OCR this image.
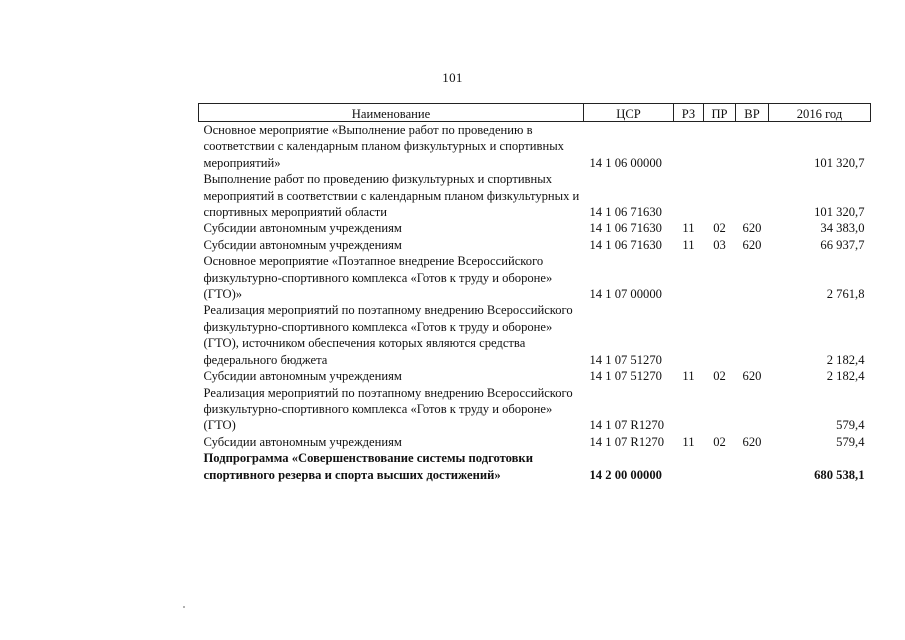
101
Наименование	ЦСР	РЗ	ПР	ВР	2016 год
Основное мероприятие «Выполнение работ по проведению в соответствии с календарным планом физкультурных и спортивных мероприятий»	14 1 06 00000				101 320,7
Выполнение работ по проведению физкультурных и спортивных мероприятий в соответствии с календарным планом физкультурных и спортивных мероприятий области	14 1 06 71630				101 320,7
Субсидии автономным учреждениям	14 1 06 71630	11	02	620	34 383,0
Субсидии автономным учреждениям	14 1 06 71630	11	03	620	66 937,7
Основное мероприятие «Поэтапное внедрение Всероссийского физкультурно-спортивного комплекса «Готов к труду и обороне» (ГТО)»	14 1 07 00000				2 761,8
Реализация мероприятий по поэтапному внедрению Всероссийского физкультурно-спортивного комплекса «Готов к труду и обороне» (ГТО), источником обеспечения которых являются средства федерального бюджета	14 1 07 51270				2 182,4
Субсидии автономным учреждениям	14 1 07 51270	11	02	620	2 182,4
Реализация мероприятий по поэтапному внедрению Всероссийского физкультурно-спортивного комплекса «Готов к труду и обороне» (ГТО)	14 1 07 R1270				579,4
Субсидии автономным учреждениям	14 1 07 R1270	11	02	620	579,4
Подпрограмма «Совершенствование системы подготовки спортивного резерва и спорта высших достижений»	14 2 00 00000				680 538,1
